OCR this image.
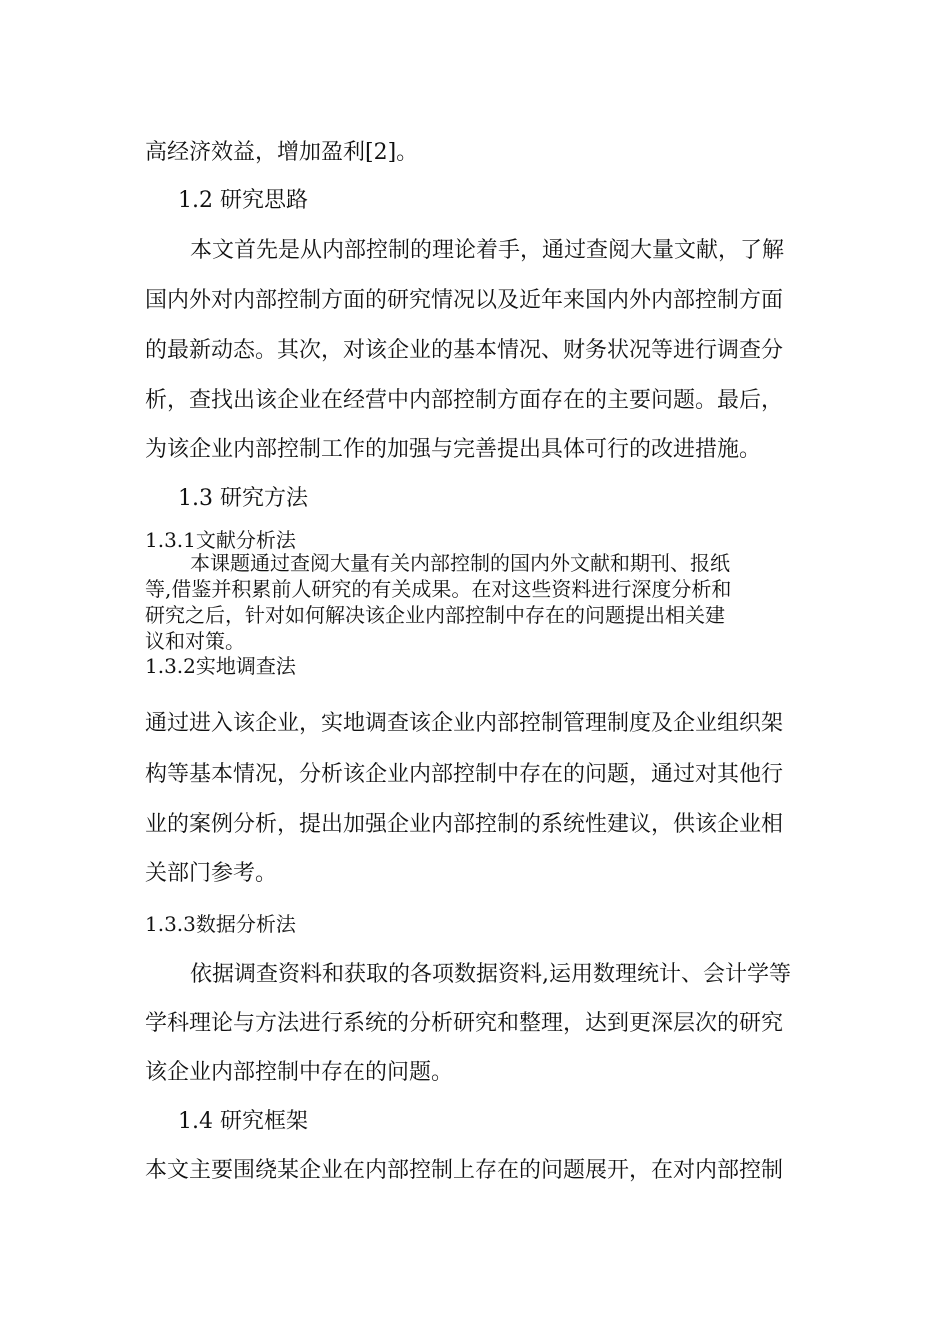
高经济效益，增加盈利[2]。

1.2 研究思路

本文首先是从内部控制的理论着手，通过查阅大量文献，了解

国内外对内部控制方面的研究情况以及近年来国内外内部控制方面

的最新动态。其次，对该企业的基本情况、财务状况等进行调查分

析，查找出该企业在经营中内部控制方面存在的主要问题。最后，

为该企业内部控制工作的加强与完善提出具体可行的改进措施。

1.3 研究方法

1.3.1文献分析法

本课题通过查阅大量有关内部控制的国内外文献和期刊、报纸

等,借鉴并积累前人研究的有关成果。在对这些资料进行深度分析和

研究之后，针对如何解决该企业内部控制中存在的问题提出相关建

议和对策。

1.3.2实地调查法

通过进入该企业，实地调查该企业内部控制管理制度及企业组织架

构等基本情况，分析该企业内部控制中存在的问题，通过对其他行

业的案例分析，提出加强企业内部控制的系统性建议，供该企业相

关部门参考。

1.3.3数据分析法

依据调查资料和获取的各项数据资料,运用数理统计、会计学等

学科理论与方法进行系统的分析研究和整理，达到更深层次的研究

该企业内部控制中存在的问题。

1.4 研究框架

本文主要围绕某企业在内部控制上存在的问题展开，在对内部控制
